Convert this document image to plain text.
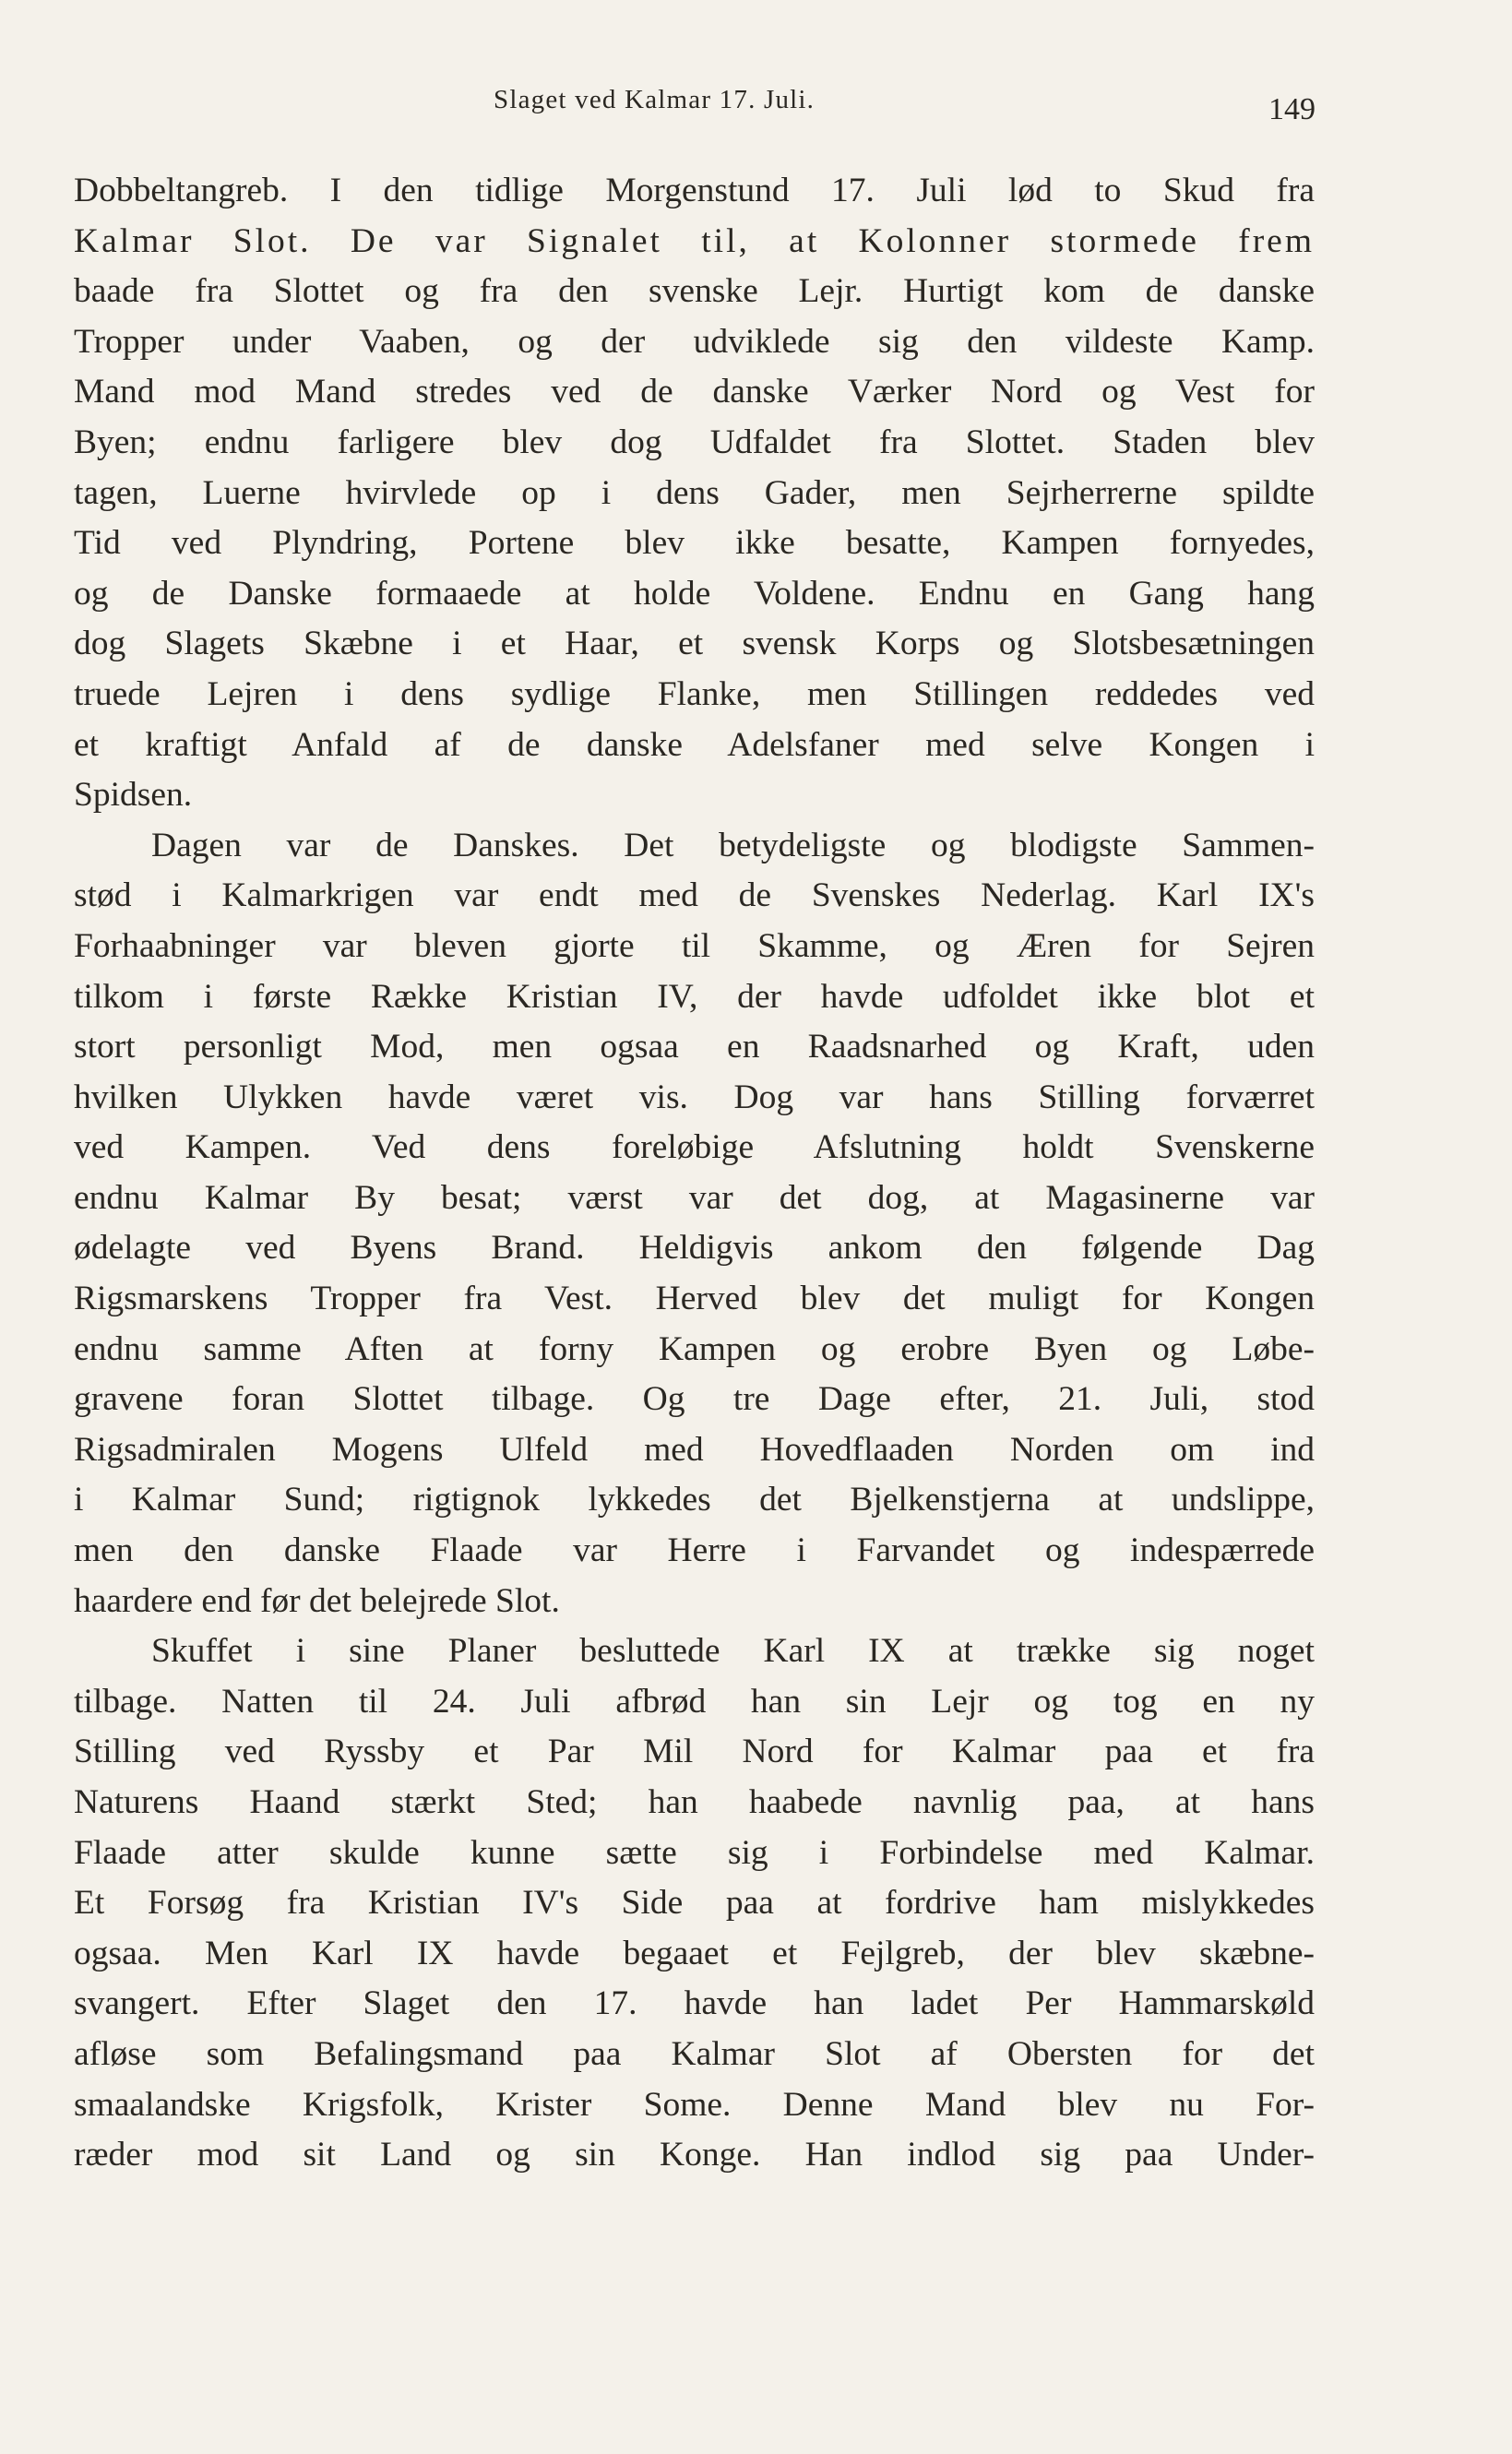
Slaget ved Kalmar 17. Juli.	149
Dobbeltangreb. I den tidlige Morgenstund 17. Juli lød to Skud fra
Kalmar Slot. De var Signalet til, at Kolonner stormede frem
baade fra Slottet og fra den svenske Lejr. Hurtigt kom de danske
Tropper under Vaaben, og der udviklede sig den vildeste Kamp.
Mand mod Mand stredes ved de danske Værker Nord og Vest for
Byen; endnu farligere blev dog Udfaldet fra Slottet. Staden blev
tagen, Luerne hvirvlede op i dens Gader, men Sejrherrerne spildte
Tid ved Plyndring, Portene blev ikke besatte, Kampen fornyedes,
og de Danske formaaede at holde Voldene. Endnu en Gang hang
dog Slagets Skæbne i et Haar, et svensk Korps og Slotsbesætningen
truede Lejren i dens sydlige Flanke, men Stillingen reddedes ved
et kraftigt Anfald af de danske Adelsfaner med selve Kongen i
Spidsen.
Dagen var de Danskes. Det betydeligste og blodigste Sammen-
stød i Kalmarkrigen var endt med de Svenskes Nederlag. Karl IX's
Forhaabninger var bleven gjorte til Skamme, og Æren for Sejren
tilkom i første Række Kristian IV, der havde udfoldet ikke blot et
stort personligt Mod, men ogsaa en Raadsnarhed og Kraft, uden
hvilken Ulykken havde været vis. Dog var hans Stilling forværret
ved Kampen. Ved dens foreløbige Afslutning holdt Svenskerne
endnu Kalmar By besat; værst var det dog, at Magasinerne var
ødelagte ved Byens Brand. Heldigvis ankom den følgende Dag
Rigsmarskens Tropper fra Vest. Herved blev det muligt for Kongen
endnu samme Aften at forny Kampen og erobre Byen og Løbe-
gravene foran Slottet tilbage. Og tre Dage efter, 21. Juli, stod
Rigsadmiralen Mogens Ulfeld med Hovedflaaden Norden om ind
i Kalmar Sund; rigtignok lykkedes det Bjelkenstjerna at undslippe,
men den danske Flaade var Herre i Farvandet og indespærrede
haardere end før det belejrede Slot.
Skuffet i sine Planer besluttede Karl IX at trække sig noget
tilbage. Natten til 24. Juli afbrød han sin Lejr og tog en ny
Stilling ved Ryssby et Par Mil Nord for Kalmar paa et fra
Naturens Haand stærkt Sted; han haabede navnlig paa, at hans
Flaade atter skulde kunne sætte sig i Forbindelse med Kalmar.
Et Forsøg fra Kristian IV's Side paa at fordrive ham mislykkedes
ogsaa. Men Karl IX havde begaaet et Fejlgreb, der blev skæbne-
svangert. Efter Slaget den 17. havde han ladet Per Hammarskøld
afløse som Befalingsmand paa Kalmar Slot af Obersten for det
smaalandske Krigsfolk, Krister Some. Denne Mand blev nu For-
ræder mod sit Land og sin Konge. Han indlod sig paa Under-
